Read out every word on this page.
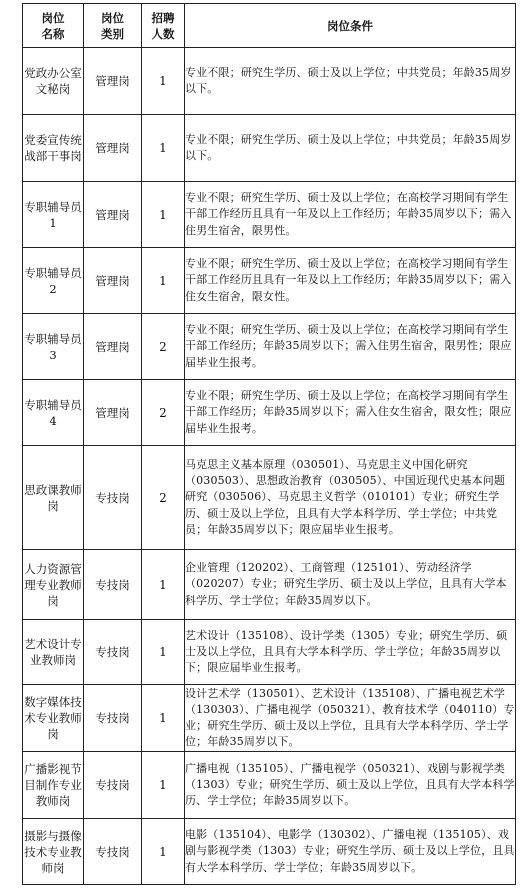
岗位名称	岗位类别	招聘人数	岗位条件
党政办公室文秘岗	管理岗	1	专业不限；研究生学历、硕士及以上学位；中共党员；年龄35周岁以下。
党委宣传统战部干事岗	管理岗	1	专业不限；研究生学历、硕士及以上学位；中共党员；年龄35周岁以下。
专职辅导员1	管理岗	1	专业不限；研究生学历、硕士及以上学位；在高校学习期间有学生干部工作经历且具有一年及以上工作经历；年龄35周岁以下；需入住男生宿舍，限男性。
专职辅导员2	管理岗	1	专业不限；研究生学历、硕士及以上学位；在高校学习期间有学生干部工作经历且具有一年及以上工作经历；年龄35周岁以下；需入住女生宿舍，限女性。
专职辅导员3	管理岗	2	专业不限；研究生学历、硕士及以上学位；在高校学习期间有学生干部工作经历；年龄35周岁以下；需入住男生宿舍，限男性；限应届毕业生报考。
专职辅导员4	管理岗	2	专业不限；研究生学历、硕士及以上学位；在高校学习期间有学生干部工作经历；年龄35周岁以下；需入住女生宿舍，限女性；限应届毕业生报考。
思政课教师岗	专技岗	2	马克思主义基本原理（030501）、马克思主义中国化研究（030503）、思想政治教育（030505）、中国近现代史基本问题研究（030506）、马克思主义哲学（010101）专业；研究生学历、硕士及以上学位，且具有大学本科学历、学士学位；中共党员；年龄35周岁以下；限应届毕业生报考。
人力资源管理专业教师岗	专技岗	1	企业管理（120202）、工商管理（125101）、劳动经济学（020207）专业；研究生学历、硕士及以上学位，且具有大学本科学历、学士学位；年龄35周岁以下。
艺术设计专业教师岗	专技岗	1	艺术设计（135108）、设计学类（1305）专业；研究生学历、硕士及以上学位，且具有大学本科学历、学士学位；年龄35周岁以下；限应届毕业生报考。
数字媒体技术专业教师岗	专技岗	1	设计艺术学（130501）、艺术设计（135108）、广播电视艺术学（130303）、广播电视学（050321）、教育技术学（040110）专业；研究生学历、硕士及以上学位，且具有大学本科学历、学士学位；年龄35周岁以下。
广播影视节目制作专业教师岗	专技岗	1	广播电视（135105）、广播电视学（050321）、戏剧与影视学类（1303）专业；研究生学历、硕士及以上学位，且具有大学本科学历、学士学位；年龄35周岁以下。
摄影与摄像技术专业教师岗	专技岗	1	电影（135104）、电影学（130302）、广播电视（135105）、戏剧与影视学类（1303）专业；研究生学历、硕士及以上学位，且具有大学本科学历、学士学位；年龄35周岁以下。
